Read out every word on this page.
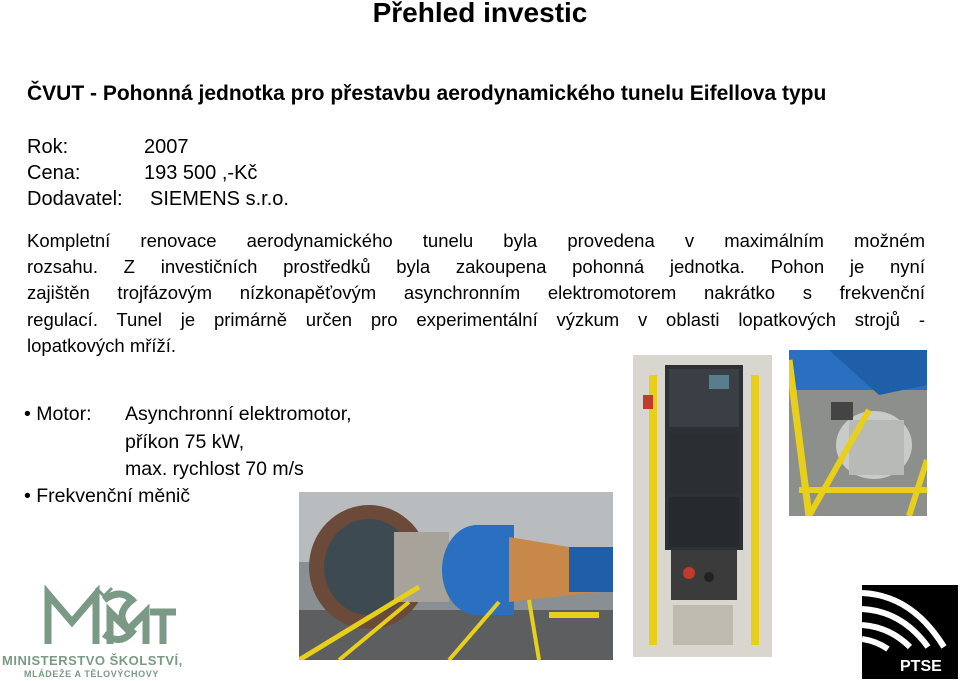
Přehled investic
ČVUT - Pohonná jednotka pro přestavbu aerodynamického tunelu Eifellova typu
Rok:	2007
Cena:	193 500 ,-Kč
Dodavatel: SIEMENS s.r.o.
Kompletní renovace aerodynamického tunelu byla provedena v maximálním možném
rozsahu. Z investičních prostředků byla zakoupena pohonná jednotka. Pohon je nyní
zajištěn trojfázovým nízkonapěťovým asynchronním elektromotorem nakrátko s frekvenční
regulací. Tunel je primárně určen pro experimentální výzkum v oblasti lopatkových strojů -
lopatkových mříží.
• Motor: Asynchronní elektromotor,
příkon 75 kW,
max. rychlost 70 m/s
• Frekvenční měnič
MINISTERSTVO ŠKOLSTVÍ,
MLÁDEŽE A TĚLOVÝCHOVY	PTSE
